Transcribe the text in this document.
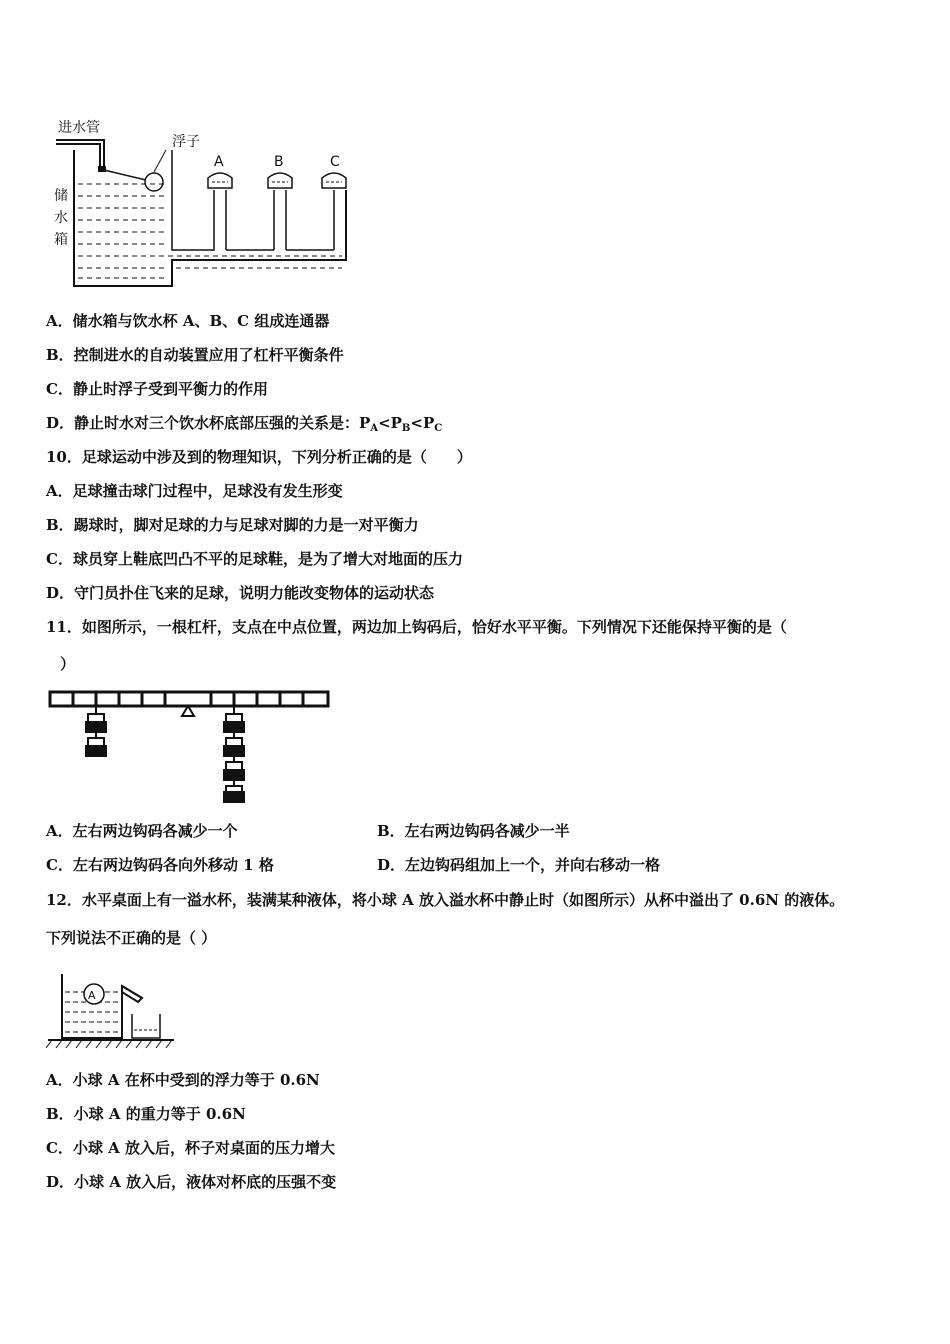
进水管
浮子
A	B	C
储
水
箱
A．储水箱与饮水杯 A、B、C 组成连通器
B．控制进水的自动装置应用了杠杆平衡条件
C．静止时浮子受到平衡力的作用
D．静止时水对三个饮水杯底部压强的关系是：$P_A<P_B<P_C$
10．足球运动中涉及到的物理知识，下列分析正确的是（　　）
A．足球撞击球门过程中，足球没有发生形变
B．踢球时，脚对足球的力与足球对脚的力是一对平衡力
C．球员穿上鞋底凹凸不平的足球鞋，是为了增大对地面的压力
D．守门员扑住飞来的足球，说明力能改变物体的运动状态
11．如图所示，一根杠杆，支点在中点位置，两边加上钩码后，恰好水平平衡。下列情况下还能保持平衡的是（
）
A．左右两边钩码各减少一个	B．左右两边钩码各减少一半
C．左右两边钩码各向外移动 1 格	D．左边钩码组加上一个，并向右移动一格
12．水平桌面上有一溢水杯，装满某种液体，将小球 A 放入溢水杯中静止时（如图所示）从杯中溢出了 0.6N 的液体。
下列说法不正确的是（ ）
A
A．小球 A 在杯中受到的浮力等于 0.6N
B．小球 A 的重力等于 0.6N
C．小球 A 放入后，杯子对桌面的压力增大
D．小球 A 放入后，液体对杯底的压强不变
